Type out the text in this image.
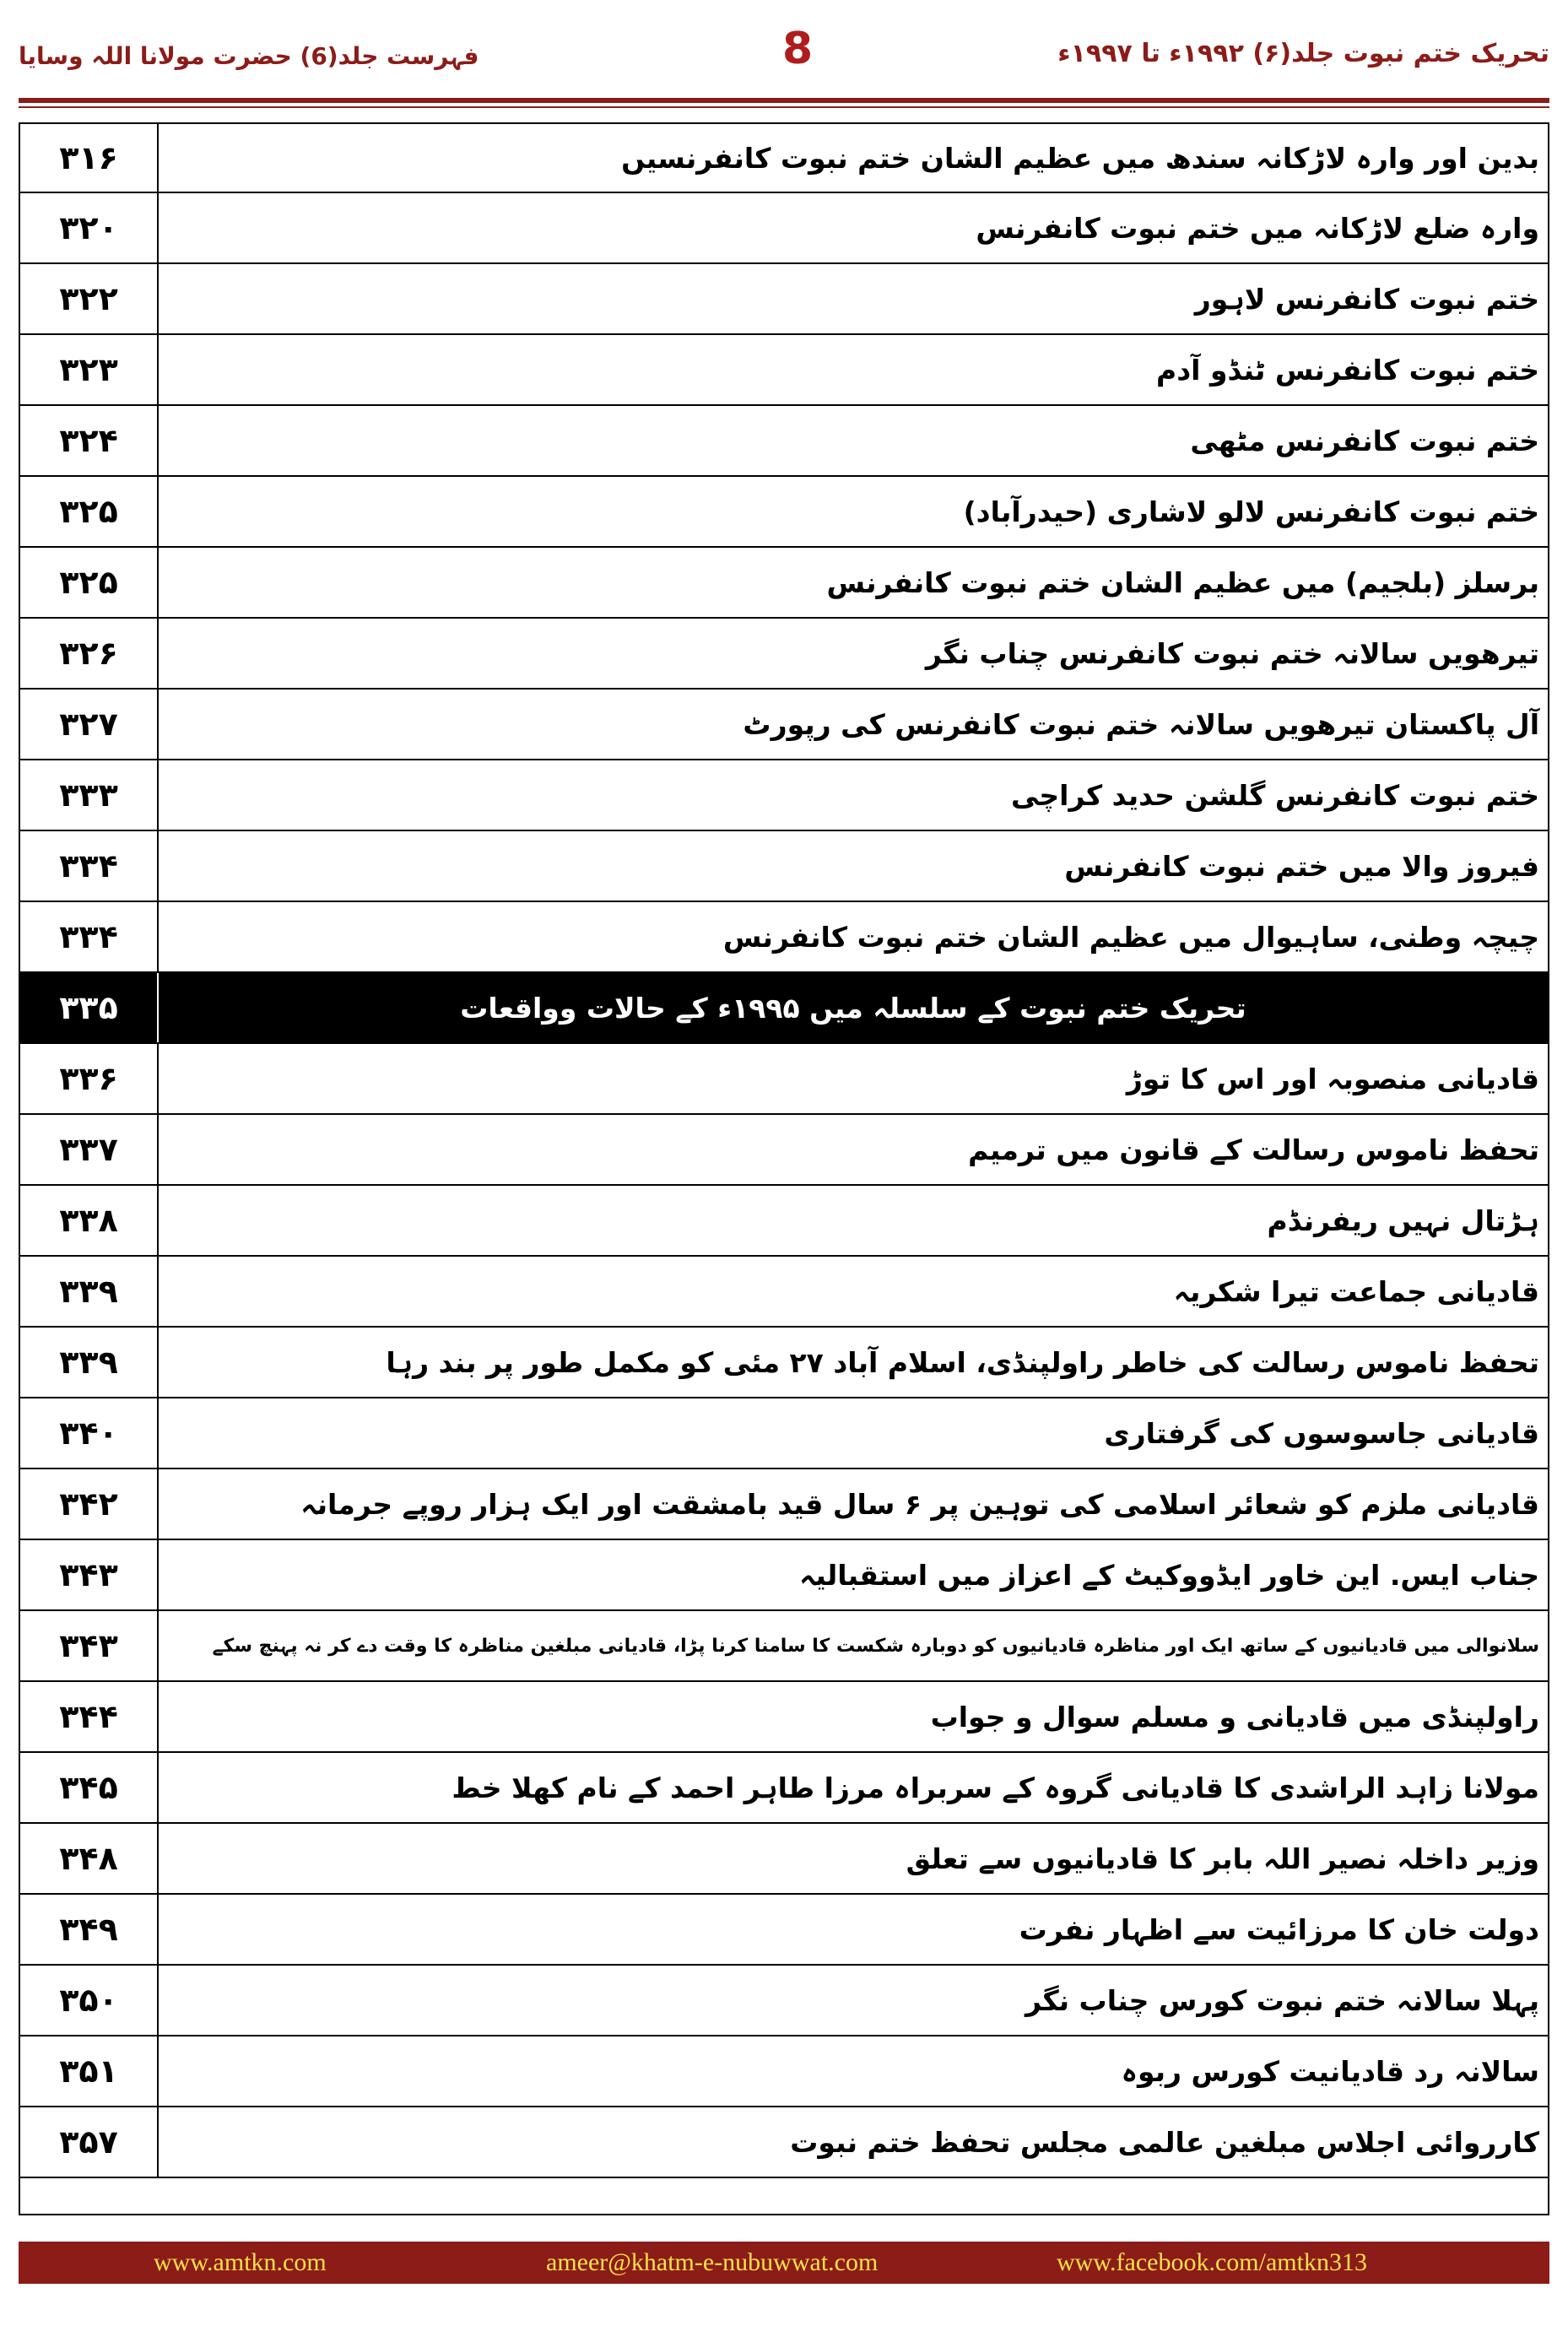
تحریک ختم نبوت جلد(۶) ۱۹۹۲ء تا ۱۹۹۷ء
8
فہرست جلد(6) حضرت مولانا اللہ وسایا
۳۱۶	بدین اور وارہ لاڑکانہ سندھ میں عظیم الشان ختم نبوت کانفرنسیں
۳۲۰	وارہ ضلع لاڑکانہ میں ختم نبوت کانفرنس
۳۲۲	ختم نبوت کانفرنس لاہور
۳۲۳	ختم نبوت کانفرنس ٹنڈو آدم
۳۲۴	ختم نبوت کانفرنس مٹھی
۳۲۵	ختم نبوت کانفرنس لالو لاشاری (حیدرآباد)
۳۲۵	برسلز (بلجیم) میں عظیم الشان ختم نبوت کانفرنس
۳۲۶	تیرھویں سالانہ ختم نبوت کانفرنس چناب نگر
۳۲۷	آل پاکستان تیرھویں سالانہ ختم نبوت کانفرنس کی رپورٹ
۳۳۳	ختم نبوت کانفرنس گلشن حدید کراچی
۳۳۴	فیروز والا میں ختم نبوت کانفرنس
۳۳۴	چیچہ وطنی، ساہیوال میں عظیم الشان ختم نبوت کانفرنس
۳۳۵	تحریک ختم نبوت کے سلسلہ میں ۱۹۹۵ء کے حالات وواقعات
۳۳۶	قادیانی منصوبہ اور اس کا توڑ
۳۳۷	تحفظ ناموس رسالت کے قانون میں ترمیم
۳۳۸	ہڑتال نہیں ریفرنڈم
۳۳۹	قادیانی جماعت تیرا شکریہ
۳۳۹	تحفظ ناموس رسالت کی خاطر راولپنڈی، اسلام آباد ۲۷ مئی کو مکمل طور پر بند رہا
۳۴۰	قادیانی جاسوسوں کی گرفتاری
۳۴۲	قادیانی ملزم کو شعائر اسلامی کی توہین پر ۶ سال قید بامشقت اور ایک ہزار روپے جرمانہ
۳۴۳	جناب ایس. این خاور ایڈووکیٹ کے اعزاز میں استقبالیہ
۳۴۳	سلانوالی میں قادیانیوں کے ساتھ ایک اور مناظرہ قادیانیوں کو دوبارہ شکست کا سامنا کرنا پڑا، قادیانی مبلغین مناظرہ کا وقت دے کر نہ پہنچ سکے
۳۴۴	راولپنڈی میں قادیانی و مسلم سوال و جواب
۳۴۵	مولانا زاہد الراشدی کا قادیانی گروہ کے سربراہ مرزا طاہر احمد کے نام کھلا خط
۳۴۸	وزیر داخلہ نصیر اللہ بابر کا قادیانیوں سے تعلق
۳۴۹	دولت خان کا مرزائیت سے اظہار نفرت
۳۵۰	پہلا سالانہ ختم نبوت کورس چناب نگر
۳۵۱	سالانہ رد قادیانیت کورس ربوہ
۳۵۷	کارروائی اجلاس مبلغین عالمی مجلس تحفظ ختم نبوت
www.amtkn.com	ameer@khatm-e-nubuwwat.com	www.facebook.com/amtkn313
